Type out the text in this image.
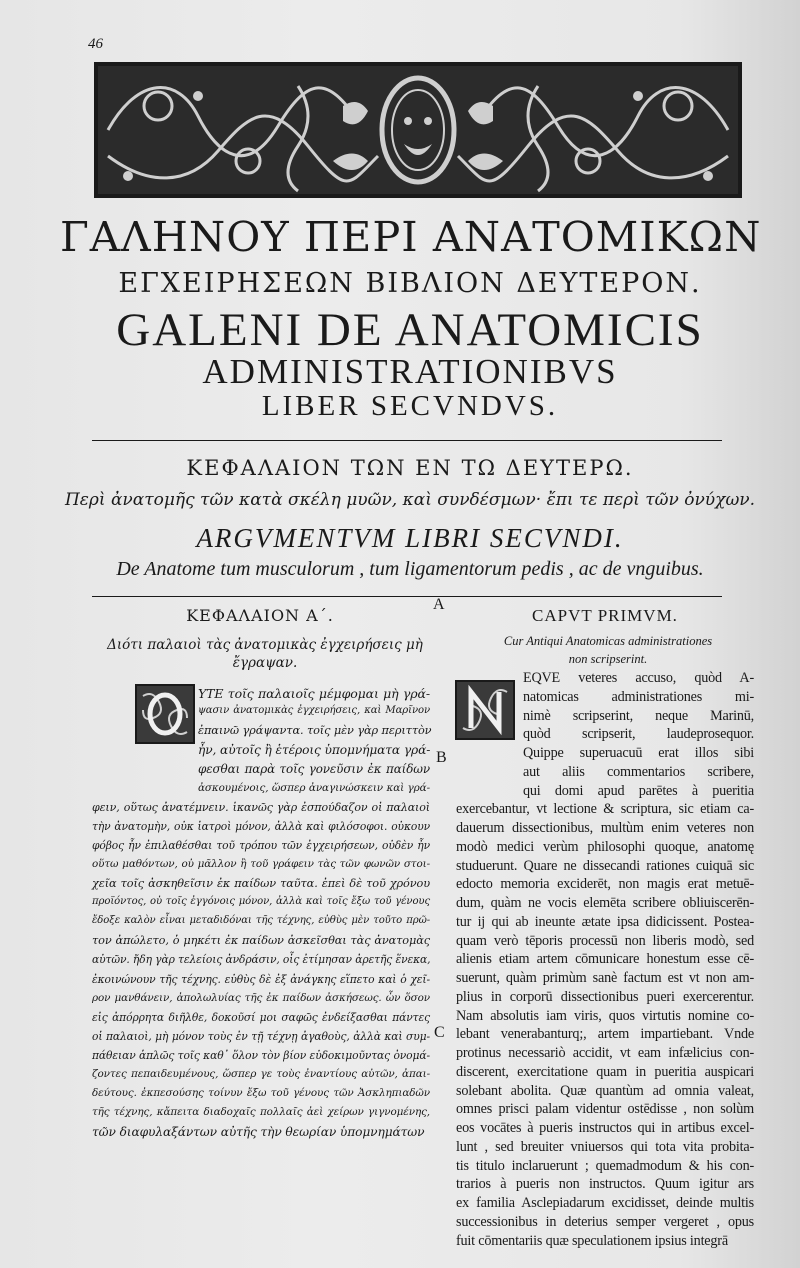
46
ΓΑΛΗΝΟΥ ΠΕΡΙ ΑΝΑΤΟΜΙΚΩΝ
ΕΓΧΕΙΡΗΣΕΩΝ ΒΙΒΛΙΟΝ ΔΕΥΤΕΡΟΝ.
GALENI DE ANATOMICIS
ADMINISTRATIONIBVS
LIBER SECVNDVS.
ΚΕΦΑΛΑΙΟΝ ΤΩΝ ΕΝ ΤΩ ΔΕΥΤΕΡΩ.
Περὶ ἀνατομῆς τῶν κατὰ σκέλη μυῶν, καὶ συνδέσμων· ἔπι τε περὶ τῶν ὀνύχων.
ARGVMENTVM LIBRI SECVNDI.
De Anatome tum musculorum , tum ligamentorum pedis , ac de vnguibus.
A
B
C
ΚΕΦΑΛΑΙΟΝ Α΄.
Διότι παλαιοὶ τὰς ἀνατομικὰς ἐγχειρήσεις μὴ
ἔγραψαν.
CAPVT PRIMVM.
Cur Antiqui Anatomicas administrationes
non scripserint.
ΥΤΕ τοῖς παλαιοῖς μέμφομαι μὴ γρά-
ψασιν ἀνατομικὰς ἐγχειρήσεις, καὶ Μαρῖνον
ἐπαινῶ γράψαντα. τοῖς μὲν γὰρ περιττὸν
ἦν, αὐτοῖς ἢ ἑτέροις ὑπομνήματα γρά-
φεσθαι παρὰ τοῖς γονεῦσιν ἐκ παίδων
ἀσκουμένοις, ὥσπερ ἀναγινώσκειν καὶ γρά-
φειν, οὕτως ἀνατέμνειν. ἱκανῶς γὰρ ἐσπούδαζον οἱ παλαιοὶ
τὴν ἀνατομὴν, οὐκ ἰατροὶ μόνον, ἀλλὰ καὶ φιλόσοφοι. οὐκουν
φόβος ἦν ἐπιλαθέσθαι τοῦ τρόπου τῶν ἐγχειρήσεων, οὐδὲν ἦν
οὕτω μαθόντων, οὐ μᾶλλον ἢ τοῦ γράφειν τὰς τῶν φωνῶν στοι-
χεῖα τοῖς ἀσκηθεῖσιν ἐκ παίδων ταῦτα. ἐπεὶ δὲ τοῦ χρόνου
προϊόντος, οὐ τοῖς ἐγγόνοις μόνον, ἀλλὰ καὶ τοῖς ἔξω τοῦ γένους
ἔδοξε καλὸν εἶναι μεταδιδόναι τῆς τέχνης, εὐθὺς μὲν τοῦτο πρῶ-
τον ἀπώλετο, ὁ μηκέτι ἐκ παίδων ἀσκεῖσθαι τὰς ἀνατομὰς
αὐτῶν. ἤδη γὰρ τελείοις ἀνδράσιν, οἷς ἐτίμησαν ἀρετῆς ἕνεκα,
ἐκοινώνουν τῆς τέχνης. εὐθὺς δὲ ἐξ ἀνάγκης εἵπετο καὶ ὁ χεῖ-
ρον μανθάνειν, ἀπολωλυίας τῆς ἐκ παίδων ἀσκήσεως. ὧν ὅσον
εἰς ἀπόρρητα διῆλθε, δοκοῦσί μοι σαφῶς ἐνδείξασθαι πάντες
οἱ παλαιοὶ, μὴ μόνον τοὺς ἐν τῇ τέχνῃ ἀγαθοὺς, ἀλλὰ καὶ συμ-
πάθειαν ἁπλῶς τοῖς καθ᾽ ὅλον τὸν βίον εὐδοκιμοῦντας ὀνομά-
ζοντες πεπαιδευμένους, ὥσπερ γε τοὺς ἐναντίους αὐτῶν, ἀπαι-
δεύτους. ἐκπεσούσης τοίνυν ἔξω τοῦ γένους τῶν Ἀσκληπιαδῶν
τῆς τέχνης, κἄπειτα διαδοχαῖς πολλαῖς ἀεὶ χείρων γιγνομένης,
τῶν διαφυλαξάντων αὐτῆς τὴν θεωρίαν ὑπομνημάτων
EQVE veteres accuso, quòd A-
natomicas administrationes mi-
nimè scripserint, neque Marinū,
quòd scripserit, laudeprosequor.
Quippe superuacuū erat illos sibi
aut aliis commentarios scribere,
qui domi apud parētes à pueritia
exercebantur, vt lectione & scriptura, sic etiam ca-
dauerum dissectionibus, multùm enim veteres non
modò medici verùm philosophi quoque, anatomę
studuerunt. Quare ne dissecandi rationes cuiquā sic
edocto memoria exciderēt, non magis erat metuē-
dum, quàm ne vocis elemēta scribere obliuiscerēn-
tur ij qui ab ineunte ætate ipsa didicissent. Postea-
quam verò tēporis processū non liberis modò, sed
alienis etiam artem cōmunicare honestum esse cē-
suerunt, quàm primùm sanè factum est vt non am-
plius in corporū dissectionibus pueri exercerentur.
Nam absolutis iam viris, quos virtutis nomine co-
lebant venerabanturq;, artem impartiebant. Vnde
protinus necessariò accidit, vt eam infælicius con-
discerent, exercitatione quam in pueritia auspicari
solebant abolita. Quæ quantùm ad omnia valeat,
omnes prisci palam videntur ostēdisse , non solùm
eos vocātes à pueris instructos qui in artibus excel-
lunt , sed breuiter vniuersos qui tota vita probita-
tis titulo inclaruerunt ; quemadmodum & his con-
trarios à pueris non instructos. Quum igitur ars
ex familia Asclepiadarum excidisset, deinde multis
successionibus in deterius semper vergeret , opus
fuit cōmentariis quæ speculationem ipsius integrā
